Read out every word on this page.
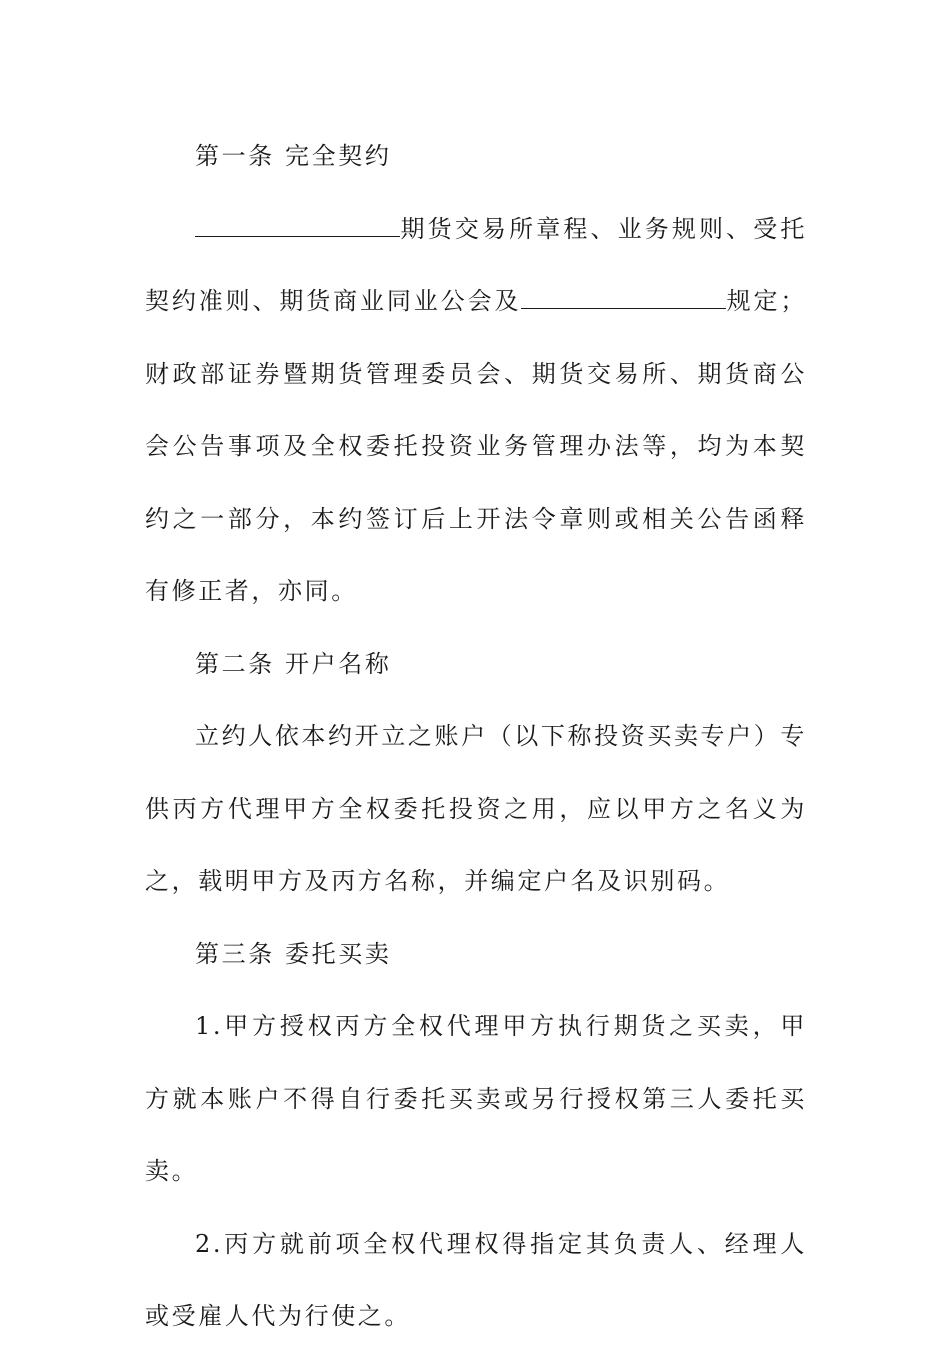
第一条 完全契约

期货交易所章程、业务规则、受托契约准则、期货商业同业公会及	规定；财政部证券暨期货管理委员会、期货交易所、期货商公会公告事项及全权委托投资业务管理办法等，均为本契约之一部分，本约签订后上开法令章则或相关公告函释有修正者，亦同。

第二条 开户名称

立约人依本约开立之账户（以下称投资买卖专户）专供丙方代理甲方全权委托投资之用，应以甲方之名义为之，载明甲方及丙方名称，并编定户名及识别码。

第三条 委托买卖

1.甲方授权丙方全权代理甲方执行期货之买卖，甲方就本账户不得自行委托买卖或另行授权第三人委托买卖。

2.丙方就前项全权代理权得指定其负责人、经理人或受雇人代为行使之。
